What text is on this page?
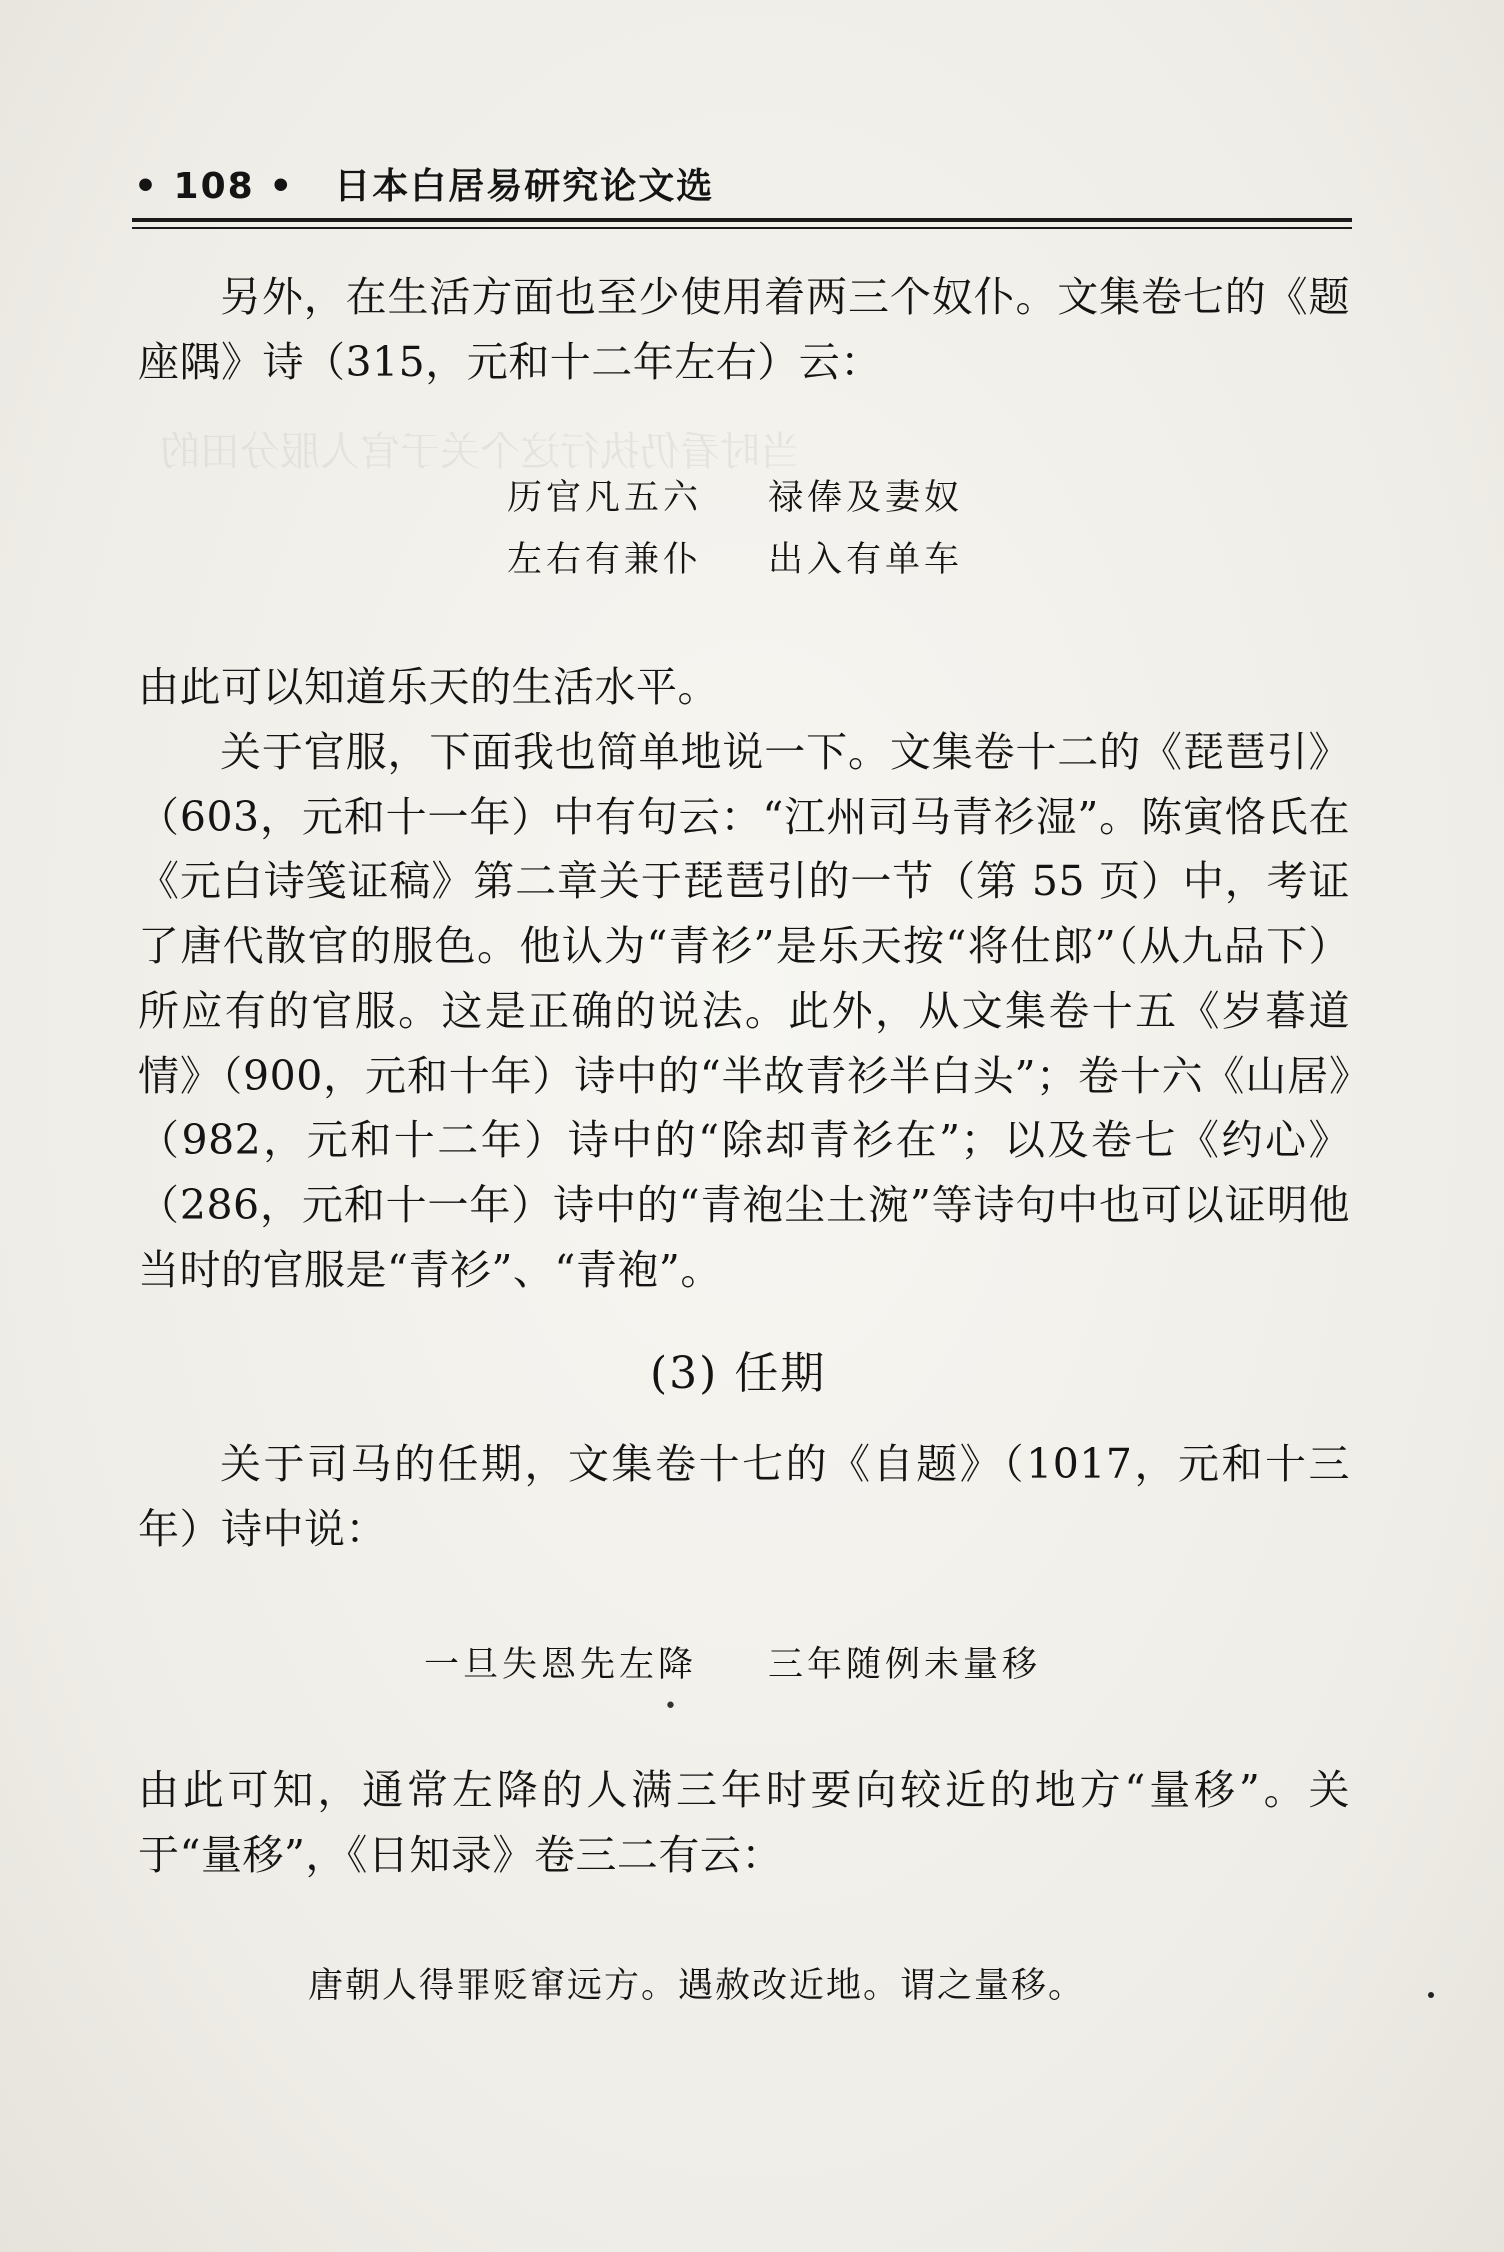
当时看仍执行这个关于官人服分田的
• 108 • 日本白居易研究论文选
另外，在生活方面也至少使用着两三个奴仆。文集卷七的《题座隅》诗（315，元和十二年左右）云：
历官凡五六 禄俸及妻奴
左右有兼仆 出入有单车
由此可以知道乐天的生活水平。
关于官服，下面我也简单地说一下。文集卷十二的《琵琶引》（603，元和十一年）中有句云：“江州司马青衫湿”。陈寅恪氏在《元白诗笺证稿》第二章关于琵琶引的一节（第 55 页）中，考证了唐代散官的服色。他认为“青衫”是乐天按“将仕郎”（从九品下）所应有的官服。这是正确的说法。此外，从文集卷十五《岁暮道情》（900，元和十年）诗中的“半故青衫半白头”；卷十六《山居》（982，元和十二年）诗中的“除却青衫在”；以及卷七《约心》（286，元和十一年）诗中的“青袍尘土涴”等诗句中也可以证明他当时的官服是“青衫”、“青袍”。
(3) 任期
关于司马的任期，文集卷十七的《自题》（1017，元和十三年）诗中说：
一旦失恩先左降 三年随例未量移
•
由此可知，通常左降的人满三年时要向较近的地方“量移”。关于“量移”，《日知录》卷三二有云：
唐朝人得罪贬窜远方。遇赦改近地。谓之量移。
